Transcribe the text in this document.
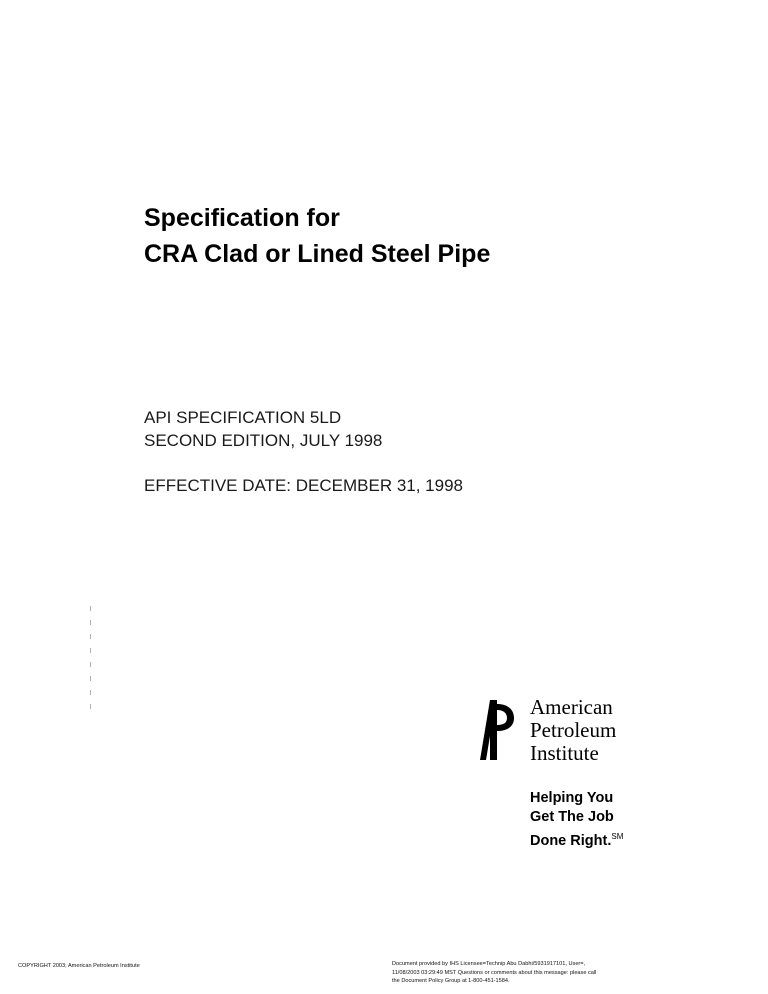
Specification for
CRA Clad or Lined Steel Pipe
API SPECIFICATION 5LD
SECOND EDITION, JULY 1998
EFFECTIVE DATE: DECEMBER 31, 1998
American
Petroleum
Institute
Helping You
Get The Job
Done Right.℠
COPYRIGHT 2003; American Petroleum Institute	Document provided by IHS Licensee=Technip Abu Dabhi/5931917101, User=,
11/08/2003 03:29:49 MST Questions or comments about this message: please call
the Document Policy Group at 1-800-451-1584.
